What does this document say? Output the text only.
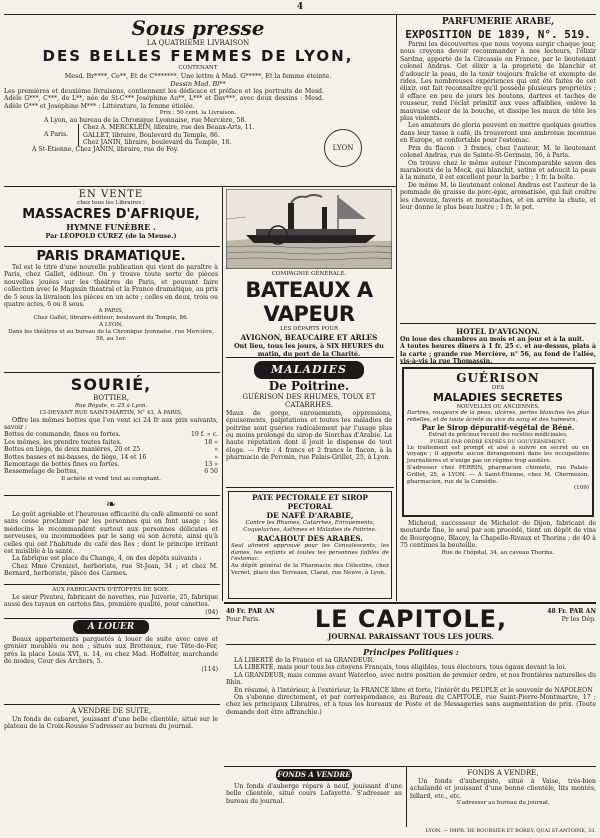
4
Sous presse
LA QUATRIÈME LIVRAISON
DES BELLES FEMMES DE LYON,
CONTENANT
Mesd. Br****, Ce**, Et de C*******. Une lettre à Mad. G*****, Et la femme éteinte.
Dessin Mad. Bl**
Les premières et deuxième livraisons, contiennent les dédicace et préface et les portraits de Mesd. Adèle G***, C***, de L**, née de St-C*** Joséphine Au**, L*** et Dav***, avec deux dessins : Mesd. Adèle G*** et Joséphine M*** : Littérature, la femme étiolée.
Prix : 50 cent. la Livraison.
A Lyon, au bureau de la Chronique Lyonnaise, rue Mercière, 58.
A Paris.
Chez A. MERCKLEIN, libraire, rue des Beaux-Arts, 11.
GALLET, libraire, Boulevard du Temple, 86.
Chez JANIN, libraire, boulevard du Temple, 18.
A St-Étienne, Chez JANIN, libraire, rue de Foy.	LYON
PARFUMERIE ARABE,
EXPOSITION DE 1839, N°. 519.
Parmi les découvertes que nous voyons surgir chaque jour, nous croyons devoir recommander à nos lecteurs, l'élixir Sardna, apporté de la Circassie en France, par le lieutenant colonel Andras. Cet élixir a la propriété de blanchir et d'adoucir la peau, de la tenir toujours fraîche et exempte de rides. Les nombreuses expériences qui ont été faites de cet élixir, ont fait reconnaître qu'il possède plusieurs propriétés ; il efface en peu de jours les boutons, dartres et taches de rousseur, rend l'éclat primitif aux vues affaiblies, enlève la mauvaise odeur de la bouche, et dissipe les maux de tête les plus violents.
Les amateurs de gloria peuvent en mettre quelques gouttes dans leur tasse à café, ils trouveront une ambroisie inconnue en Europe, et confortable pour l'estomac.
Prix du flacon : 3 francs, chez l'auteur, M. le lieutenant colonel Andras, rue de Sainte-St-Germain, 56, à Paris.
On trouve chez le même auteur l'incomparable savon des marabouts de la Meck, qui blanchit, satine et adoucit la peau à la minute, il est excellent pour la barbe ; 1 fr. la boîte.
De même M. le lieutenant colonel Andras est l'auteur de la pommade de graisse de porc-épic, aromatisée, qui fait croître les cheveux, favoris et moustaches, et en arrête la chute, et leur donne le plus beau lustre ; 1 fr. le pot.
HOTEL D'AVIGNON.
On loue des chambres au mois et au jour et à la nuit.
A toutes heures dîners à 1 fr. 25 c. et au-dessus, plats à la carte ; grande rue Mercière, n° 56, au fond de l'allée, vis-à-vis la rue Thomassin.
EN VENTE
chez tous les Libraires ;
MASSACRES D'AFRIQUE,
HYMNE FUNÈBRE .
Par LÉOPOLD CUREZ (de la Meuse.)
PARIS DRAMATIQUE.
Tel est le titre d'une nouvelle publication qui vient de paraître à Paris, chez Gallet, éditeur. On y trouve toute sorte de pièces nouvelles jouées sur les théâtres de Paris, et pouvant faire collection avec le Magasin théatral et la France dramatique, au prix de 5 sous la livraison les pièces en un acte ; celles en deux, trois ou quatre actes, 6 ou 8 sous.
A PARIS,
Chez Gallet, libraire-éditeur, boulevard du Temple, 86.
A LYON,
Dans les théâtres et au bureau de la Chronique lyonnaise, rue Mercière, 58, au 1er.
SOURIÉ,
BOTTIER,
Rue Royale, n. 25 à Lyon.
CI-DEVANT RUE SAINT-MARTIN, N° 43, À PARIS,
Offre les mêmes bottes que l'on vent ici 24 fr aux prix suivants, savoir :
Bottes de commande, fines ou fortes.	19 f. » c.
Les mêmes, les prendre toutes faites.	18 »
Bottes en liège, de deux manières, 20 et 25	»
Bottes basses et mi-basses, de liège, 14 et 16	»
Remontage de bottes fines ou fortes.	13 »
Ressemelage de bottes,	6 50
Il achète et vend tout au comptant.
❧
Le goût agréable et l'heureuse efficacité du café alimenté ce sont sans cesse proclamer par les personnes qui en font usage ; les médecins le recommandent surtout aux personnes délicates et nerveuses, ou incommodées par le sang ou son âcreté, ainsi qu'à celles qui ont l'habitude du café des îles ; dont le principe irritant est nuisible à la santé.
La fabrique est place du Change, 4, on des dépôts suivants :
Chez Mme Crenizet, herboriste, rue St-Jean, 34 ; et chez M. Bernard, herboriste, place des Carmes.
AUX FABRICANTS D'ÉTOFFES DE SOIE.
Le sieur Pivateu, fabricant de navettes, rue Juiverie, 25, fabrique aussi des tuyaux en cartons fins, première qualité, pour canettes.
(94)
A LOUER
Beaux appartements parquetés à louer de suite avec cave et grenier meublés ou non ; situés aux Brotteaux, rue Tête-de-Fer, près la place Louis XVI, n. 14, ou chez Mad. Hoffelter, marchande de modes, Cour des Archers, 5.
(114)
A VENDRE DE SUITE,
Un fonds de cabaret, jouissant d'une belle clientèle, situé sur le plateau de la Croix-Rousse S'adresser au bureau du journal.
COMPAGNIE GÉNÉRALE.
BATEAUX A VAPEUR
LES DÉPARTS POUR
AVIGNON, BEAUCAIRE ET ARLES
Ont lieu, tous les jours, à SIX HEURES du matin, du port de la Charité.
MALADIES
De Poitrine.
GUÉRISON DES RHUMES, TOUX ET CATARRHES.
Maux de gorge, enrouements, oppressions, épuisements, palpitations et toutes les maladies de poitrine sont guéries radicalement par l'usage plus ou moins prolongé du sirop de Siorchas d'Arabie. La haute réputation dont il jouit le dispense de tout éloge. — Prix : 4 francs et 2 francs le flacon, à la pharmacie de Peronin, rue Palais-Grillet, 25, à Lyon.
PATE PECTORALE ET SIROP PECTORAL
DE NAFÉ D'ARABIE,
Contre les Rhumes, Catarrhes, Enrouements, Coqueluches, Asthmes et Maladies de Poitrine.
RACAHOUT DES ARABES.
Seul aliment approuvé pour les Convalescents, les dames, les enfants et toutes les personnes faibles de l'estomac.
Au dépôt général de la Pharmacie des Célestins, chez Vernet, place des Terreaux, Clarat, rue Neuve, à Lyon.
GUÉRISON
DES
MALADIES SECRETES
NOUVELLES OU ANCIENNES.
Dartres, rougeurs de la peau, ulcères, pertes blanches les plus rebelles, et de toute âcreté ou vice du sang et des humeurs,
Par le Sirop dépuratif-végétal de Béné.
Extrait du précieux recueil des recettes médicinales,
PUBLIÉ PAR ORDRE EXPRÈS DU GOUVERNEMENT.
Le traitement est prompt et aisé à suivre en secret ou en voyage ; il apporte aucun dérangement dans les occupations journalières et n'exige pas un régime trop austère.
S'adresser chez PERRIN, pharmacien chimiste, rue Palais-Grillet, 25, à LYON. — A Saint-Étienne, chez M. Chermezon, pharmacien, rue de la Comédie.
(109)
Michoud, successeur de Michelot de Dijon, fabricant de moutarde fine, le seul par son procédé, tient un dépôt de vins de Bourgogne, Blacey, la Chapelle-Rivaux et Thorins ; de 40 à 75 centimes la bouteille.
Rue de l'hôpital, 34, au caveau Thorins.
40 Fr. PAR AN
Pour Paris.	LE CAPITOLE,	48 Fr. PAR AN
Pr les Dép.
JOURNAL PARAISSANT TOUS LES JOURS.
Principes Politiques :
LA LIBERTÉ de la France et sa GRANDEUR.
LA LIBERTÉ, mais pour tous les citoyens Français, tous éligibles, tous électeurs, tous égaux devant la loi.
LA GRANDEUR, mais comme avant Waterloo, avec notre position de premier ordre, et nos frontières naturelles du Rhin.
En résumé, à l'intérieur, à l'extérieur, la FRANCE libre et forte, l'intérêt du PEUPLE et le souvenir de NAPOLEON
On s'abonne directement, et par correspondance, au Bureau du CAPITOLE, rue Saint-Pierre-Montmartre, 17 ; chez les principaux Libraires, et à tous les bureaux de Poste et de Messageries sans augmentation de prix. (Toute demande doit être affranchie.)
FONDS A VENDRE
Un fonds d'auberge réparé à neuf, jouissant d'une belle clientèle, situé cours Lafayette. S'adresser au bureau du journal.
FONDS A VENDRE,
Un fonds d'aubergiste, situé à Vaise, très-bien achalandé et jouissant d'une bonne clientèle, lits montés, billard, etc., etc.
S'adresser au bureau du journal.
LYON. — IMPR. DE BOURSIER ET BOREY, QUAI ST-ANTOINE, 33.
